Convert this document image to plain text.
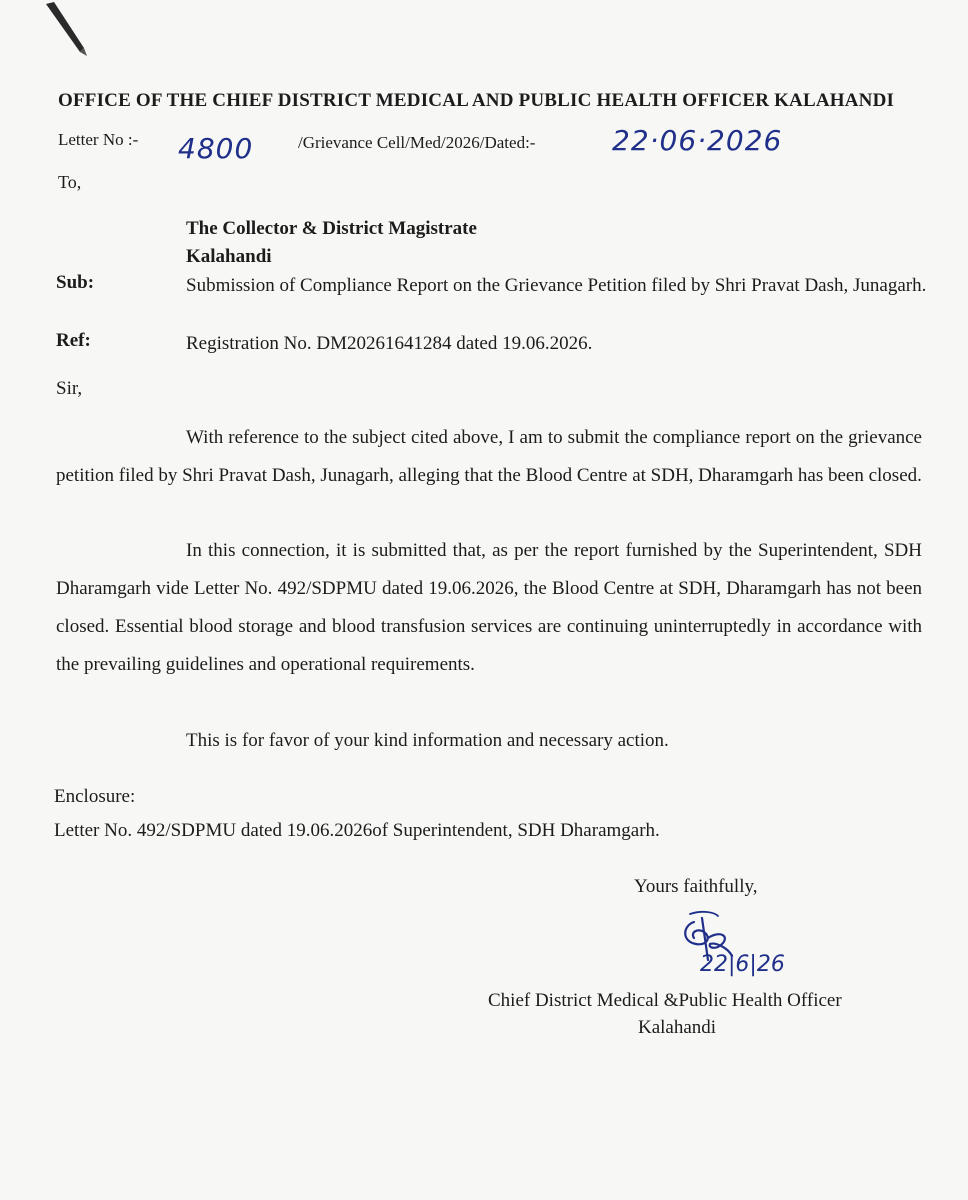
OFFICE OF THE CHIEF DISTRICT MEDICAL AND PUBLIC HEALTH OFFICER KALAHANDI
Letter No :- 4800	/Grievance Cell/Med/2026/Dated:-	22·06·2026
To,
The Collector & District Magistrate
Kalahandi
Sub:	Submission of Compliance Report on the Grievance Petition filed by Shri Pravat Dash, Junagarh.
Ref:	Registration No. DM20261641284 dated 19.06.2026.
Sir,
With reference to the subject cited above, I am to submit the compliance report on the grievance petition filed by Shri Pravat Dash, Junagarh, alleging that the Blood Centre at SDH, Dharamgarh has been closed.
In this connection, it is submitted that, as per the report furnished by the Superintendent, SDH Dharamgarh vide Letter No. 492/SDPMU dated 19.06.2026, the Blood Centre at SDH, Dharamgarh has not been closed. Essential blood storage and blood transfusion services are continuing uninterruptedly in accordance with the prevailing guidelines and operational requirements.
This is for favor of your kind information and necessary action.
Enclosure:
Letter No. 492/SDPMU dated 19.06.2026of Superintendent, SDH Dharamgarh.
Yours faithfully,
22|6|26
Chief District Medical &Public Health Officer
Kalahandi
